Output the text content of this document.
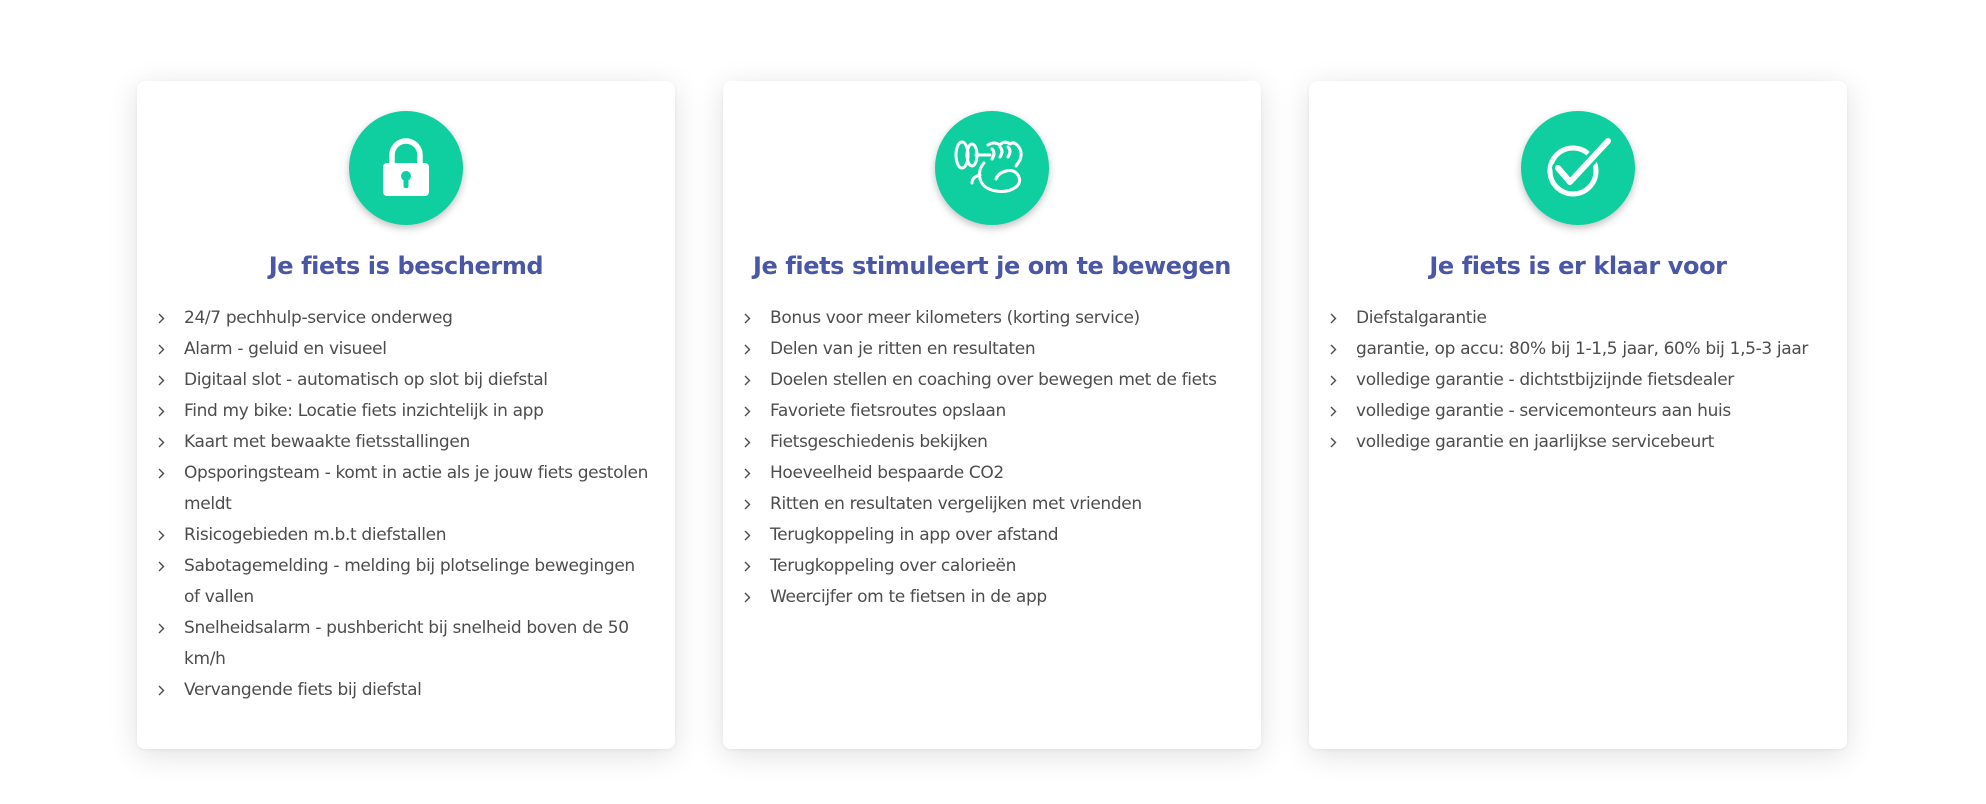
Je fiets is beschermd
24/7 pechhulp-service onderweg
Alarm - geluid en visueel
Digitaal slot - automatisch op slot bij diefstal
Find my bike: Locatie fiets inzichtelijk in app
Kaart met bewaakte fietsstallingen
Opsporingsteam - komt in actie als je jouw fiets gestolen meldt
Risicogebieden m.b.t diefstallen
Sabotagemelding - melding bij plotselinge bewegingen of vallen
Snelheidsalarm - pushbericht bij snelheid boven de 50 km/h
Vervangende fiets bij diefstal
Je fiets stimuleert je om te bewegen
Bonus voor meer kilometers (korting service)
Delen van je ritten en resultaten
Doelen stellen en coaching over bewegen met de fiets
Favoriete fietsroutes opslaan
Fietsgeschiedenis bekijken
Hoeveelheid bespaarde CO2
Ritten en resultaten vergelijken met vrienden
Terugkoppeling in app over afstand
Terugkoppeling over calorieën
Weercijfer om te fietsen in de app
Je fiets is er klaar voor
Diefstalgarantie
garantie, op accu: 80% bij 1-1,5 jaar, 60% bij 1,5-3 jaar
volledige garantie - dichtstbijzijnde fietsdealer
volledige garantie - servicemonteurs aan huis
volledige garantie en jaarlijkse servicebeurt
